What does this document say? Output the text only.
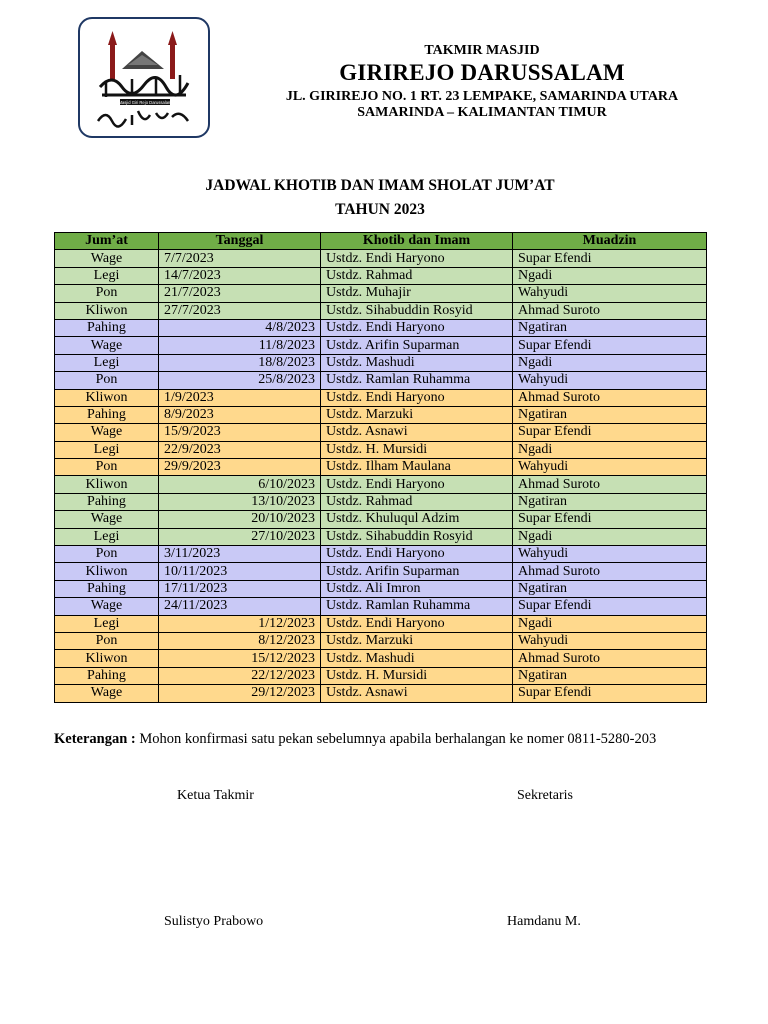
Masjid Giri Rejo Darussalam
TAKMIR MASJID
GIRIREJO DARUSSALAM
JL. GIRIREJO NO. 1 RT. 23 LEMPAKE, SAMARINDA UTARA
SAMARINDA – KALIMANTAN TIMUR
JADWAL KHOTIB DAN IMAM SHOLAT JUM’AT
TAHUN 2023
Jum’at	Tanggal	Khotib dan Imam	Muadzin
Wage	7/7/2023	Ustdz. Endi Haryono	Supar Efendi
Legi	14/7/2023	Ustdz. Rahmad	Ngadi
Pon	21/7/2023	Ustdz. Muhajir	Wahyudi
Kliwon	27/7/2023	Ustdz. Sihabuddin Rosyid	Ahmad Suroto
Pahing	4/8/2023	Ustdz. Endi Haryono	Ngatiran
Wage	11/8/2023	Ustdz. Arifin Suparman	Supar Efendi
Legi	18/8/2023	Ustdz. Mashudi	Ngadi
Pon	25/8/2023	Ustdz. Ramlan Ruhamma	Wahyudi
Kliwon	1/9/2023	Ustdz. Endi Haryono	Ahmad Suroto
Pahing	8/9/2023	Ustdz. Marzuki	Ngatiran
Wage	15/9/2023	Ustdz. Asnawi	Supar Efendi
Legi	22/9/2023	Ustdz. H. Mursidi	Ngadi
Pon	29/9/2023	Ustdz. Ilham Maulana	Wahyudi
Kliwon	6/10/2023	Ustdz. Endi Haryono	Ahmad Suroto
Pahing	13/10/2023	Ustdz. Rahmad	Ngatiran
Wage	20/10/2023	Ustdz. Khuluqul Adzim	Supar Efendi
Legi	27/10/2023	Ustdz. Sihabuddin Rosyid	Ngadi
Pon	3/11/2023	Ustdz. Endi Haryono	Wahyudi
Kliwon	10/11/2023	Ustdz. Arifin Suparman	Ahmad Suroto
Pahing	17/11/2023	Ustdz. Ali Imron	Ngatiran
Wage	24/11/2023	Ustdz. Ramlan Ruhamma	Supar Efendi
Legi	1/12/2023	Ustdz. Endi Haryono	Ngadi
Pon	8/12/2023	Ustdz. Marzuki	Wahyudi
Kliwon	15/12/2023	Ustdz. Mashudi	Ahmad Suroto
Pahing	22/12/2023	Ustdz. H. Mursidi	Ngatiran
Wage	29/12/2023	Ustdz. Asnawi	Supar Efendi
Keterangan : Mohon konfirmasi satu pekan sebelumnya apabila berhalangan ke nomer 0811-5280-203
Ketua Takmir	Sekretaris
Sulistyo Prabowo	Hamdanu M.
